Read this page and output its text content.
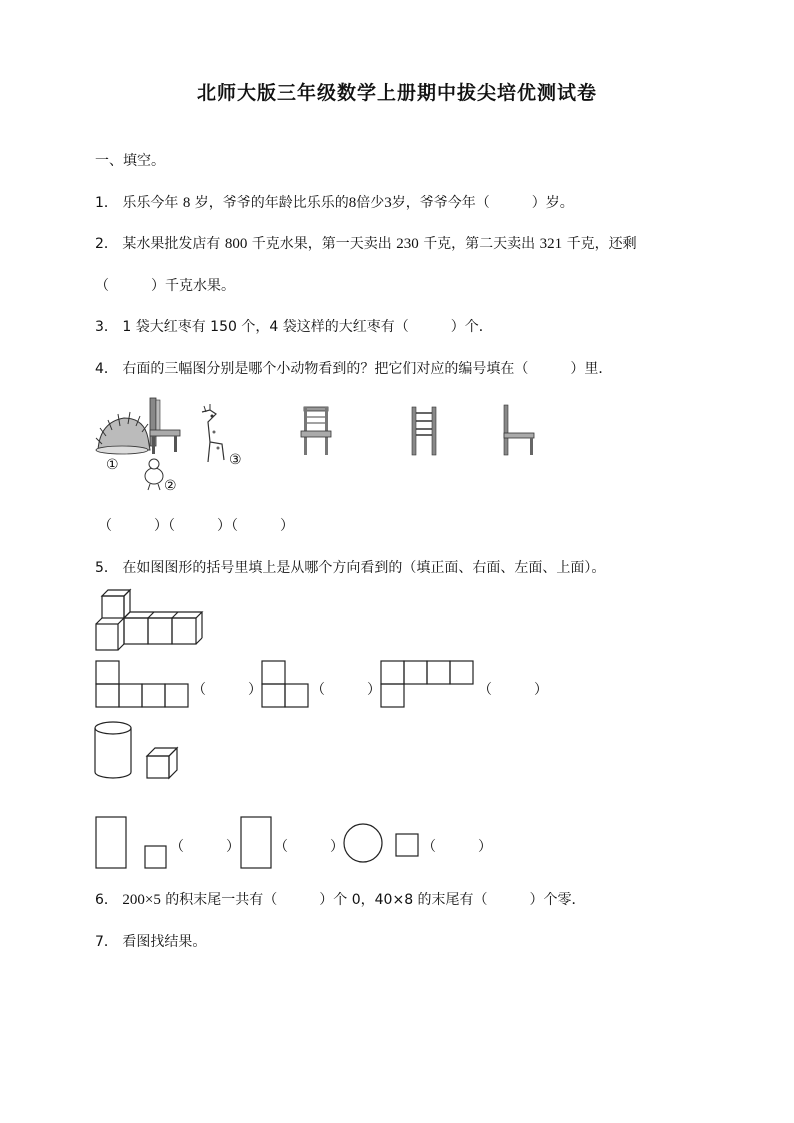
北师大版三年级数学上册期中拔尖培优测试卷
一、填空。
1． 乐乐今年 8 岁，爷爷的年龄比乐乐的8倍少3岁，爷爷今年（　　　）岁。
2． 某水果批发店有 800 千克水果，第一天卖出 230 千克，第二天卖出 321 千克，还剩
（　　　）千克水果。
3． 1 袋大红枣有 150 个，4 袋这样的大红枣有（　　　）个．
4． 右面的三幅图分别是哪个小动物看到的？把它们对应的编号填在（　　　）里．
①
②
③
（　　　）（　　　）（　　　）
5． 在如图图形的括号里填上是从哪个方向看到的（填正面、右面、左面、上面）。
（　　　）	（　　　）	（　　　）
（　　　） （　　　）	（　　　）
6． 200×5 的积末尾一共有（　　　）个 0，40×8 的末尾有（　　　）个零．
7． 看图找结果。
